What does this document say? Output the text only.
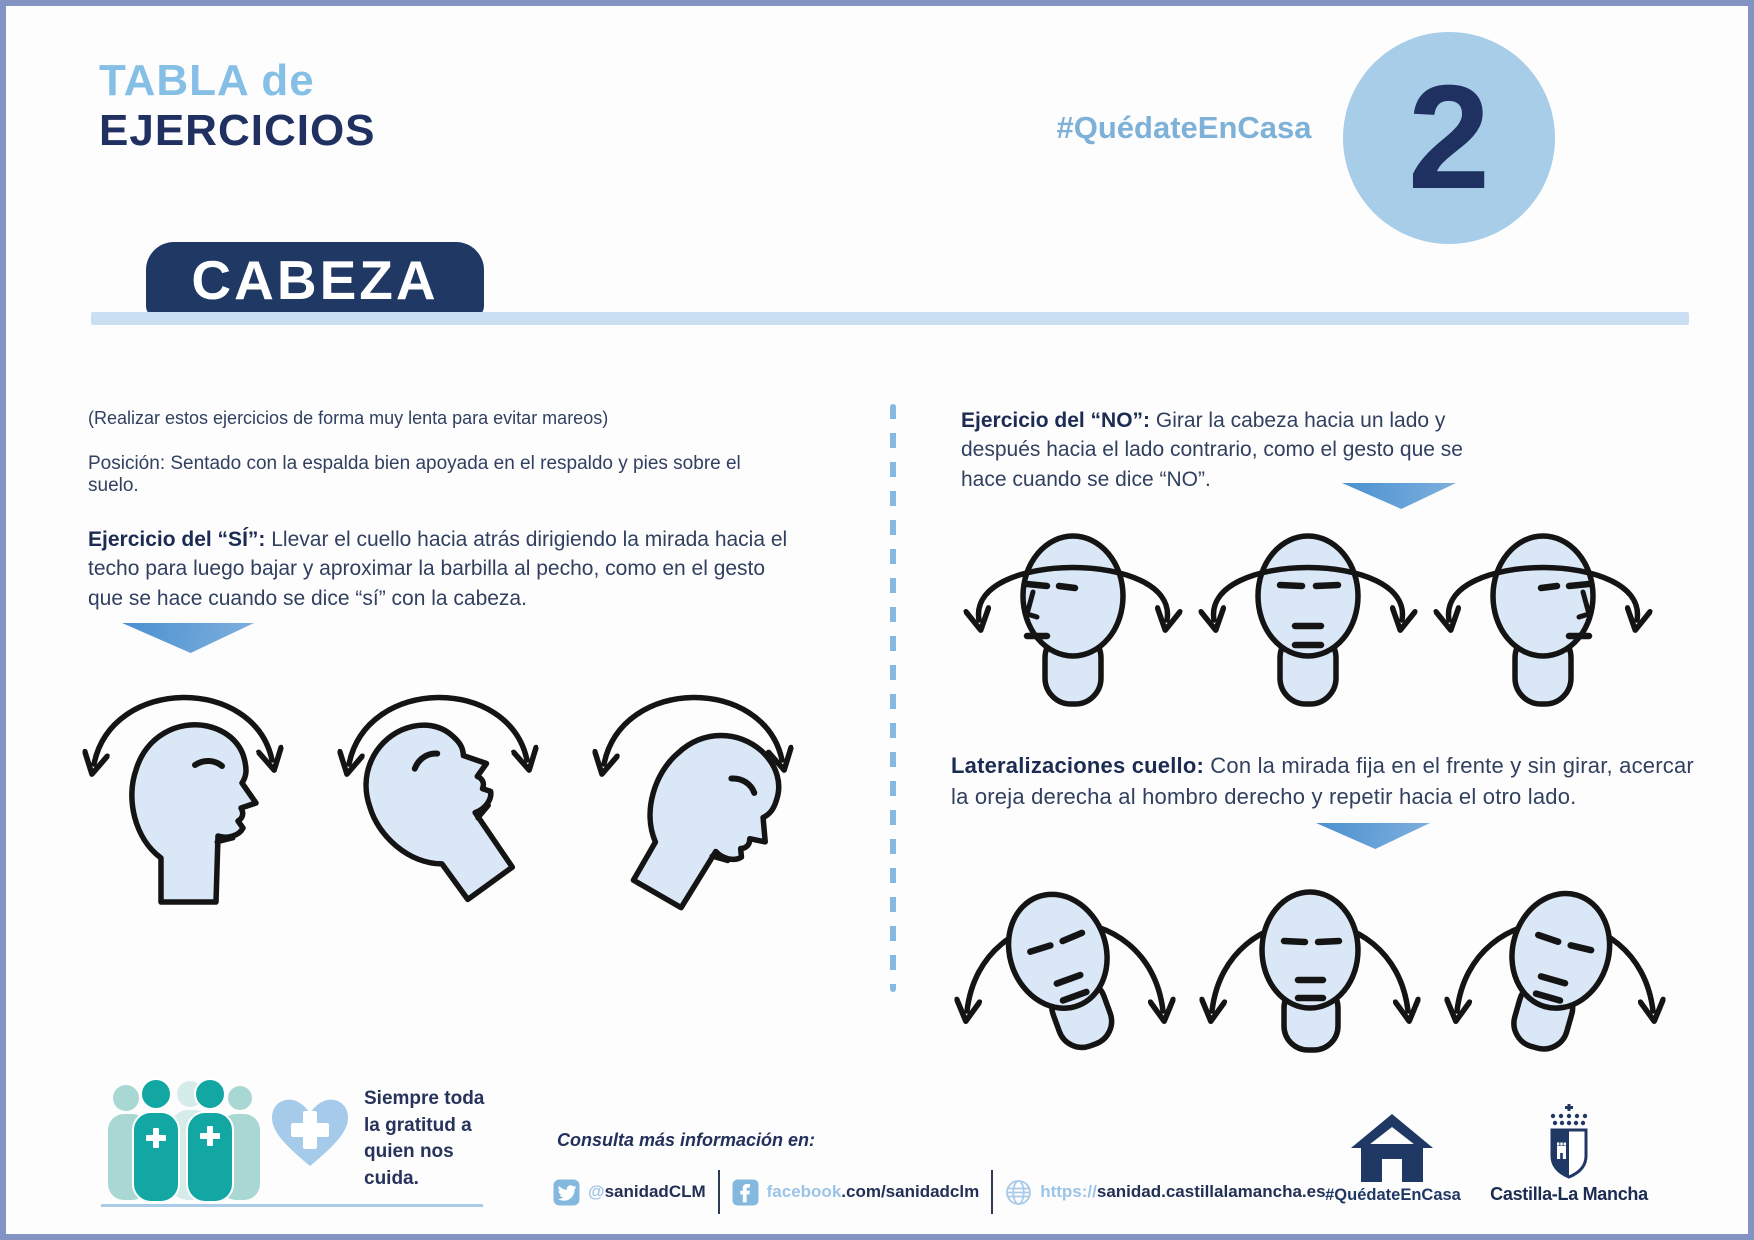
TABLA de
EJERCICIOS	#QuédateEnCasa 2
CABEZA

(Realizar estos ejercicios de forma muy lenta para evitar mareos)

Posición: Sentado con la espalda bien apoyada en el respaldo y pies sobre el suelo.

Ejercicio del “SÍ”: Llevar el cuello hacia atrás dirigiendo la mirada hacia el techo para luego bajar y aproximar la barbilla al pecho, como en el gesto que se hace cuando se dice “sí” con la cabeza.

Ejercicio del “NO”: Girar la cabeza hacia un lado y después hacia el lado contrario, como el gesto que se hace cuando se dice “NO”.

Lateralizaciones cuello: Con la mirada fija en el frente y sin girar, acercar la oreja derecha al hombro derecho y repetir hacia el otro lado.

Siempre toda la gratitud a quien nos cuida.
Consulta más información en:
@sanidadCLM	facebook.com/sanidadclm	https://sanidad.castillalamancha.es #QuédateEnCasa	Castilla-La Mancha
